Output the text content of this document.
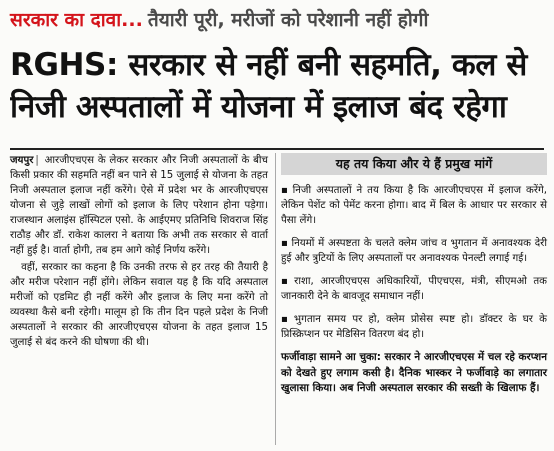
सरकार का दावा... तैयारी पूरी, मरीजों को परेशानी नहीं होगी
RGHS: सरकार से नहीं बनी सहमति, कल से
निजी अस्पतालों में योजना में इलाज बंद रहेगा

जयपुर | आरजीएचएस के लेकर सरकार और निजी अस्पतालों के बीच किसी प्रकार की सहमति नहीं बन पाने से 15 जुलाई से योजना के तहत निजी अस्पताल इलाज नहीं करेंगे। ऐसे में प्रदेश भर के आरजीएचएस योजना से जुड़े लाखों लोगों को इलाज के लिए परेशान होना पड़ेगा। राजस्थान अलाइंस हॉस्पिटल एसो. के आईएमए प्रतिनिधि शिवराज सिंह राठौड़ और डॉ. राकेश कालरा ने बताया कि अभी तक सरकार से वार्ता नहीं हुई है। वार्ता होगी, तब हम आगे कोई निर्णय करेंगे।

वहीं, सरकार का कहना है कि उनकी तरफ से हर तरह की तैयारी है और मरीज परेशान नहीं होंगे। लेकिन सवाल यह है कि यदि अस्पताल मरीजों को एडमिट ही नहीं करेंगे और इलाज के लिए मना करेंगे तो व्यवस्था कैसे बनी रहेगी। मालूम हो कि तीन दिन पहले प्रदेश के निजी अस्पतालों ने सरकार की आरजीएचएस योजना के तहत इलाज 15 जुलाई से बंद करने की घोषणा की थी।

यह तय किया और ये हैं प्रमुख मांगें
▪ निजी अस्पतालों ने तय किया है कि आरजीएचएस में इलाज करेंगे, लेकिन पेशेंट को पेमेंट करना होगा। बाद में बिल के आधार पर सरकार से पैसा लेंगे।
▪ नियमों में अस्पष्टता के चलते क्लेम जांच व भुगतान में अनावश्यक देरी हुई और त्रुटियों के लिए अस्पतालों पर अनावश्यक पेनल्टी लगाई गई।
▪ राशा, आरजीएचएस अधिकारियों, पीएचएस, मंत्री, सीएमओ तक जानकारी देने के बावजूद समाधान नहीं।
▪ भुगतान समय पर हो, क्लेम प्रोसेस स्पष्ट हो। डॉक्टर के घर के प्रिस्क्रिप्शन पर मेडिसिन वितरण बंद हो।
फर्जीवाड़ा सामने आ चुका: सरकार ने आरजीएचएस में चल रहे करप्शन को देखते हुए लगाम कसी है। दैनिक भास्कर ने फर्जीवाड़े का लगातार खुलासा किया। अब निजी अस्पताल सरकार की सख्ती के खिलाफ हैं।
